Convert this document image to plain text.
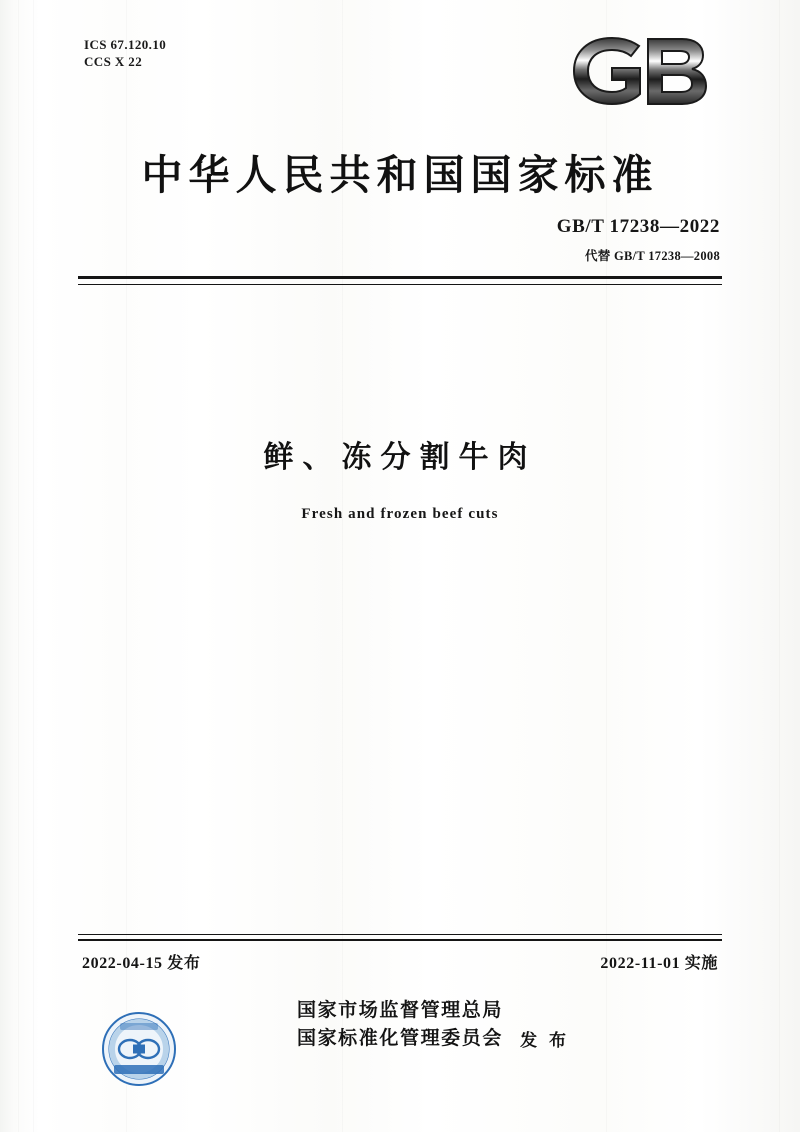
ICS 67.120.10
CCS X 22
中华人民共和国国家标准
GB/T 17238—2022
代替 GB/T 17238—2008
鲜、冻分割牛肉
Fresh and frozen beef cuts
2022-04-15 发布	2022-11-01 实施
国家市场监督管理总局
国家标准化管理委员会 发 布
